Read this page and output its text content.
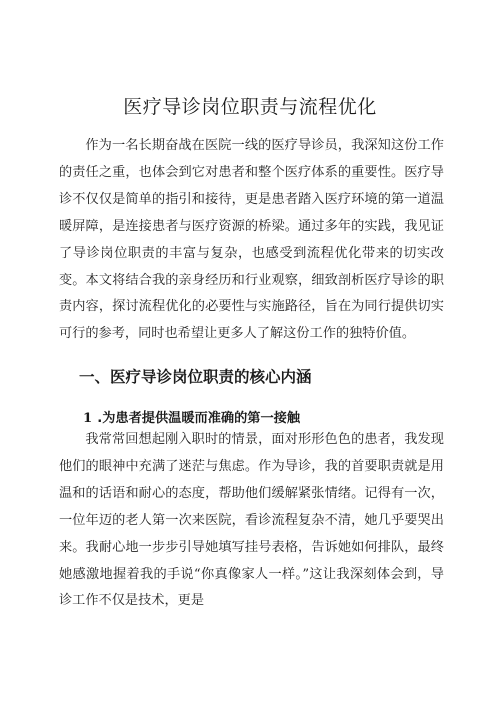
医疗导诊岗位职责与流程优化

作为一名长期奋战在医院一线的医疗导诊员，我深知这份工作的责任之重，也体会到它对患者和整个医疗体系的重要性。医疗导诊不仅仅是简单的指引和接待，更是患者踏入医疗环境的第一道温暖屏障，是连接患者与医疗资源的桥梁。通过多年的实践，我见证了导诊岗位职责的丰富与复杂，也感受到流程优化带来的切实改变。本文将结合我的亲身经历和行业观察，细致剖析医疗导诊的职责内容，探讨流程优化的必要性与实施路径，旨在为同行提供切实可行的参考，同时也希望让更多人了解这份工作的独特价值。

一、医疗导诊岗位职责的核心内涵
1 .为患者提供温暖而准确的第一接触

我常常回想起刚入职时的情景，面对形形色色的患者，我发现他们的眼神中充满了迷茫与焦虑。作为导诊，我的首要职责就是用温和的话语和耐心的态度，帮助他们缓解紧张情绪。记得有一次，一位年迈的老人第一次来医院，看诊流程复杂不清，她几乎要哭出来。我耐心地一步步引导她填写挂号表格，告诉她如何排队，最终她感激地握着我的手说“你真像家人一样。”这让我深刻体会到，导诊工作不仅是技术，更是
